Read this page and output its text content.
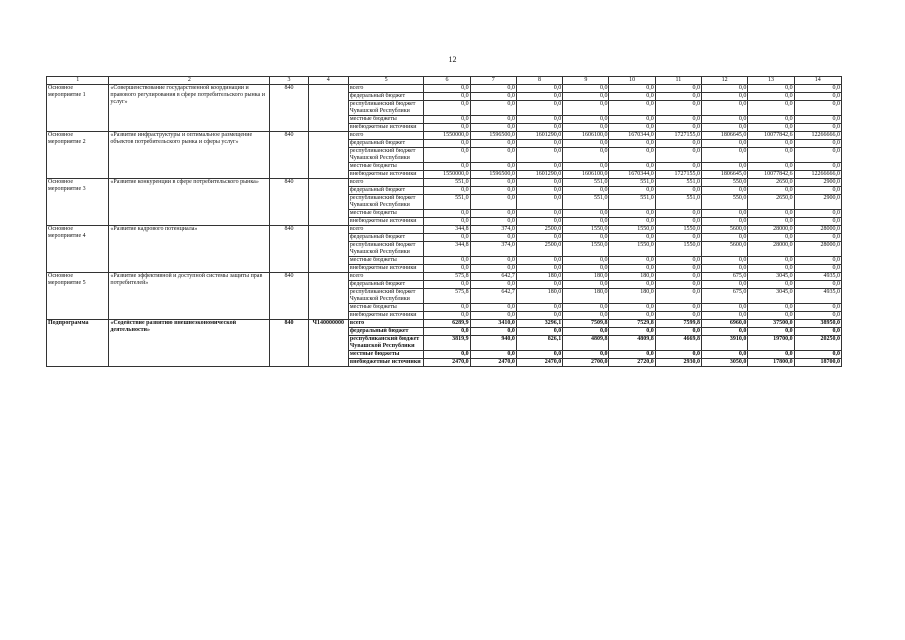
12
1	2	3	4	5	6	7	8	9	10	11	12	13	14
Основное мероприятие 1	«Совершенствование государственной координации и правового регулирования в сфере потребительского рынка и услуг»	840		всего	0,0	0,0	0,0	0,0	0,0	0,0	0,0	0,0	0,0
				федеральный бюджет	0,0	0,0	0,0	0,0	0,0	0,0	0,0	0,0	0,0
				республиканский бюджет Чувашской Республики	0,0	0,0	0,0	0,0	0,0	0,0	0,0	0,0	0,0
				местные бюджеты	0,0	0,0	0,0	0,0	0,0	0,0	0,0	0,0	0,0
				внебюджетные источники	0,0	0,0	0,0	0,0	0,0	0,0	0,0	0,0	0,0
Основное мероприятие 2	«Развитие инфраструктуры и оптимальное размещение объектов потребительского рынка и сферы услуг»	840		всего	1550000,0	1596500,0	1601290,0	1606100,0	1670344,0	1727155,0	1806645,0	10077842,6	12266666,0
				федеральный бюджет	0,0	0,0	0,0	0,0	0,0	0,0	0,0	0,0	0,0
				республиканский бюджет Чувашской Республики	0,0	0,0	0,0	0,0	0,0	0,0	0,0	0,0	0,0
				местные бюджеты	0,0	0,0	0,0	0,0	0,0	0,0	0,0	0,0	0,0
				внебюджетные источники	1550000,0	1596500,0	1601290,0	1606100,0	1670344,0	1727155,0	1806645,0	10077842,6	12266666,0
Основное мероприятие 3	«Развитие конкуренции в сфере потребительского рынка»	840		всего	551,0	0,0	0,0	551,0	551,0	551,0	550,0	2650,0	2900,0
				федеральный бюджет	0,0	0,0	0,0	0,0	0,0	0,0	0,0	0,0	0,0
				республиканский бюджет Чувашской Республики	551,0	0,0	0,0	551,0	551,0	551,0	550,0	2650,0	2900,0
				местные бюджеты	0,0	0,0	0,0	0,0	0,0	0,0	0,0	0,0	0,0
				внебюджетные источники	0,0	0,0	0,0	0,0	0,0	0,0	0,0	0,0	0,0
Основное мероприятие 4	«Развитие кадрового потенциала»	840		всего	344,8	374,0	2500,0	1550,0	1550,0	1550,0	5600,0	28000,0	28000,0
				федеральный бюджет	0,0	0,0	0,0	0,0	0,0	0,0	0,0	0,0	0,0
				республиканский бюджет Чувашской Республики	344,8	374,0	2500,0	1550,0	1550,0	1550,0	5600,0	28000,0	28000,0
				местные бюджеты	0,0	0,0	0,0	0,0	0,0	0,0	0,0	0,0	0,0
				внебюджетные источники	0,0	0,0	0,0	0,0	0,0	0,0	0,0	0,0	0,0
Основное мероприятие 5	«Развитие эффективной и доступной системы защиты прав потребителей»	840		всего	575,8	642,7	180,0	180,0	180,0	0,0	675,0	3045,0	4935,0
				федеральный бюджет	0,0	0,0	0,0	0,0	0,0	0,0	0,0	0,0	0,0
				республиканский бюджет Чувашской Республики	575,8	642,7	180,0	180,0	180,0	0,0	675,0	3045,0	4935,0
				местные бюджеты	0,0	0,0	0,0	0,0	0,0	0,0	0,0	0,0	0,0
				внебюджетные источники	0,0	0,0	0,0	0,0	0,0	0,0	0,0	0,0	0,0
Подпрограмма	«Содействие развитию внешнеэкономической деятельности»	840	Ч140000000	всего	6289,9	3410,0	3296,1	7509,8	7529,8	7599,8	6960,0	37500,0	38950,0
				федеральный бюджет	0,0	0,0	0,0	0,0	0,0	0,0	0,0	0,0	0,0
				республиканский бюджет Чувашской Республики	3819,9	940,0	826,1	4809,8	4809,8	4669,8	3910,0	19700,0	20250,0
				местные бюджеты	0,0	0,0	0,0	0,0	0,0	0,0	0,0	0,0	0,0
				внебюджетные источники	2470,0	2470,0	2470,0	2700,0	2720,0	2930,0	3050,0	17800,0	18700,0
